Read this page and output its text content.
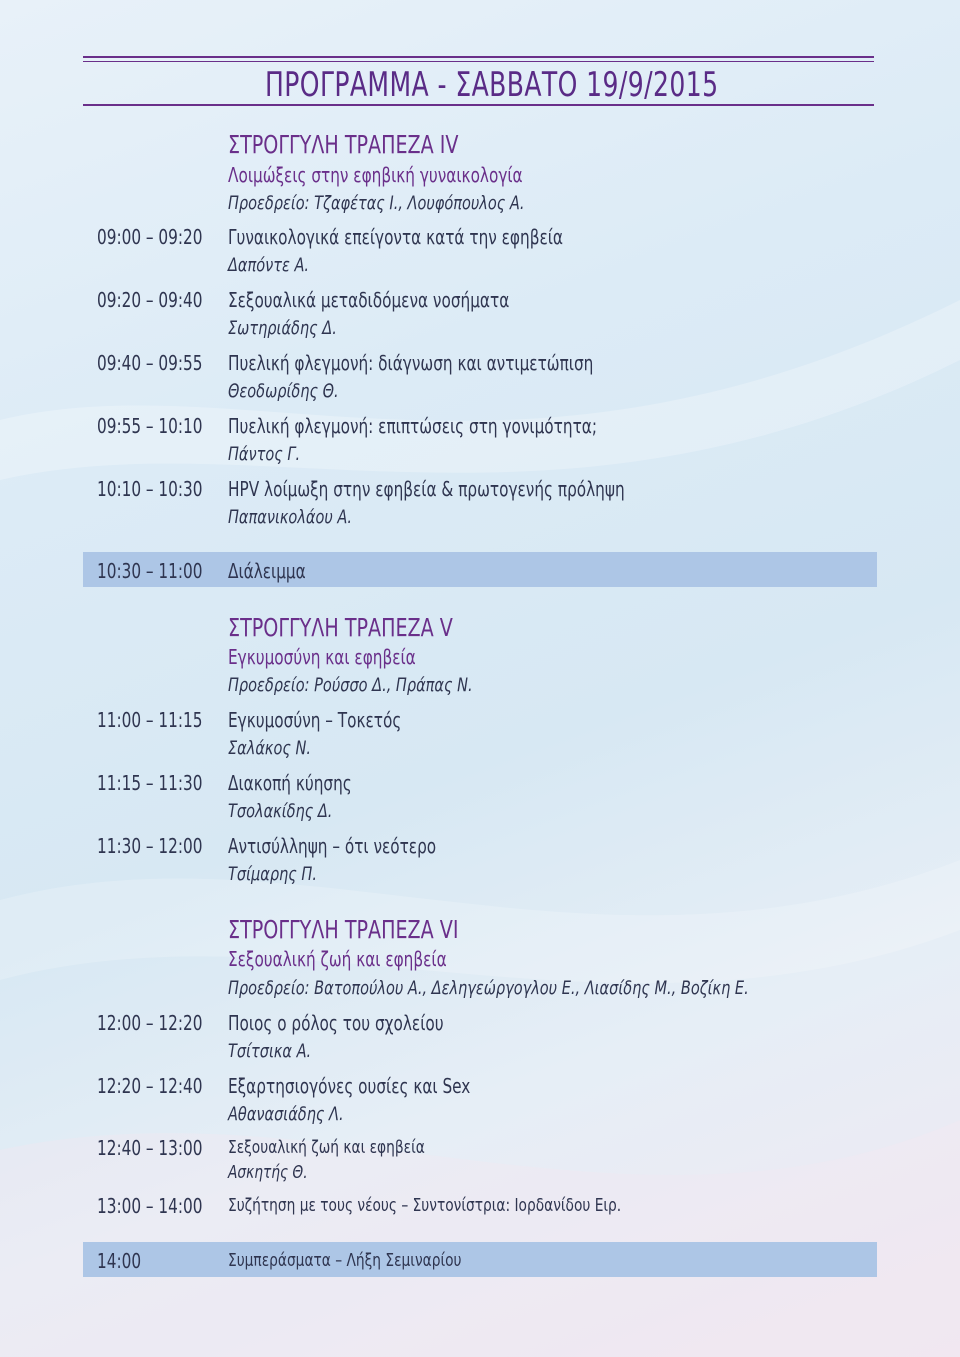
ΠΡΟΓΡΑΜΜΑ - ΣΑΒΒΑΤΟ 19/9/2015
ΣΤΡΟΓΓΥΛΗ ΤΡΑΠΕΖΑ IV
Λοιμώξεις στην εφηβική γυναικολογία
Προεδρείο: Τζαφέτας Ι., Λουφόπουλος Α.
09:00 – 09:20 Γυναικολογικά επείγοντα κατά την εφηβεία
Δαπόντε Α.
09:20 – 09:40 Σεξουαλικά μεταδιδόμενα νοσήματα
Σωτηριάδης Δ.
09:40 – 09:55 Πυελική φλεγμονή: διάγνωση και αντιμετώπιση
Θεοδωρίδης Θ.
09:55 – 10:10 Πυελική φλεγμονή: επιπτώσεις στη γονιμότητα;
Πάντος Γ.
10:10 – 10:30 HPV λοίμωξη στην εφηβεία & πρωτογενής πρόληψη
Παπανικολάου Α.
10:30 – 11:00 Διάλειμμα
ΣΤΡΟΓΓΥΛΗ ΤΡΑΠΕΖΑ V
Εγκυμοσύνη και εφηβεία
Προεδρείο: Ρούσσο Δ., Πράπας Ν.
11:00 – 11:15 Εγκυμοσύνη – Τοκετός
Σαλάκος Ν.
11:15 – 11:30 Διακοπή κύησης
Τσολακίδης Δ.
11:30 – 12:00 Αντισύλληψη – ότι νεότερο
Τσίμαρης Π.
ΣΤΡΟΓΓΥΛΗ ΤΡΑΠΕΖΑ VI
Σεξουαλική ζωή και εφηβεία
Προεδρείο: Βατοπούλου Α., Δεληγεώργογλου Ε., Λιασίδης Μ., Βοζίκη Ε.
12:00 – 12:20 Ποιος ο ρόλος του σχολείου
Τσίτσικα Α.
12:20 – 12:40 Εξαρτησιογόνες ουσίες και Sex
Αθανασιάδης Λ.
12:40 – 13:00 Σεξουαλική ζωή και εφηβεία
Ασκητής Θ.
13:00 – 14:00 Συζήτηση με τους νέους – Συντονίστρια: Ιορδανίδου Ειρ.
14:00	Συμπεράσματα – Λήξη Σεμιναρίου
